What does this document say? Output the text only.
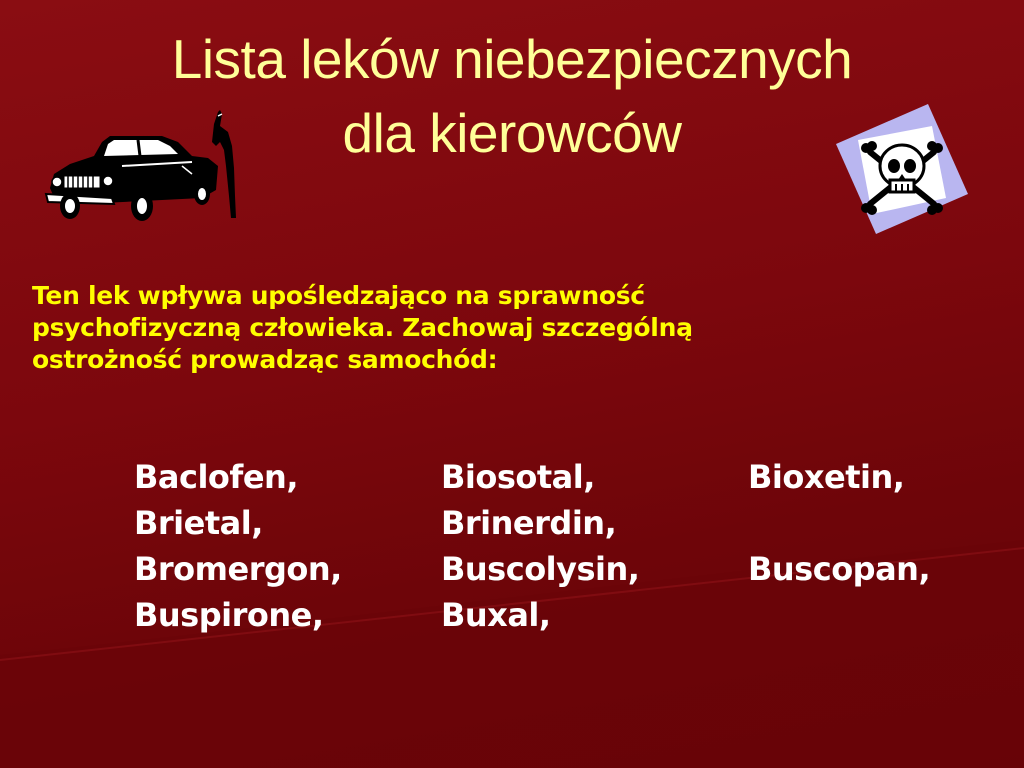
Lista leków niebezpiecznych
dla kierowców
Ten lek wpływa upośledzająco na sprawność
psychofizyczną człowieka. Zachowaj szczególną
ostrożność prowadząc samochód:
Baclofen,	Biosotal,	Bioxetin,
Brietal,	Brinerdin,
Bromergon,	Buscolysin,	Buscopan,
Buspirone,	Buxal,
